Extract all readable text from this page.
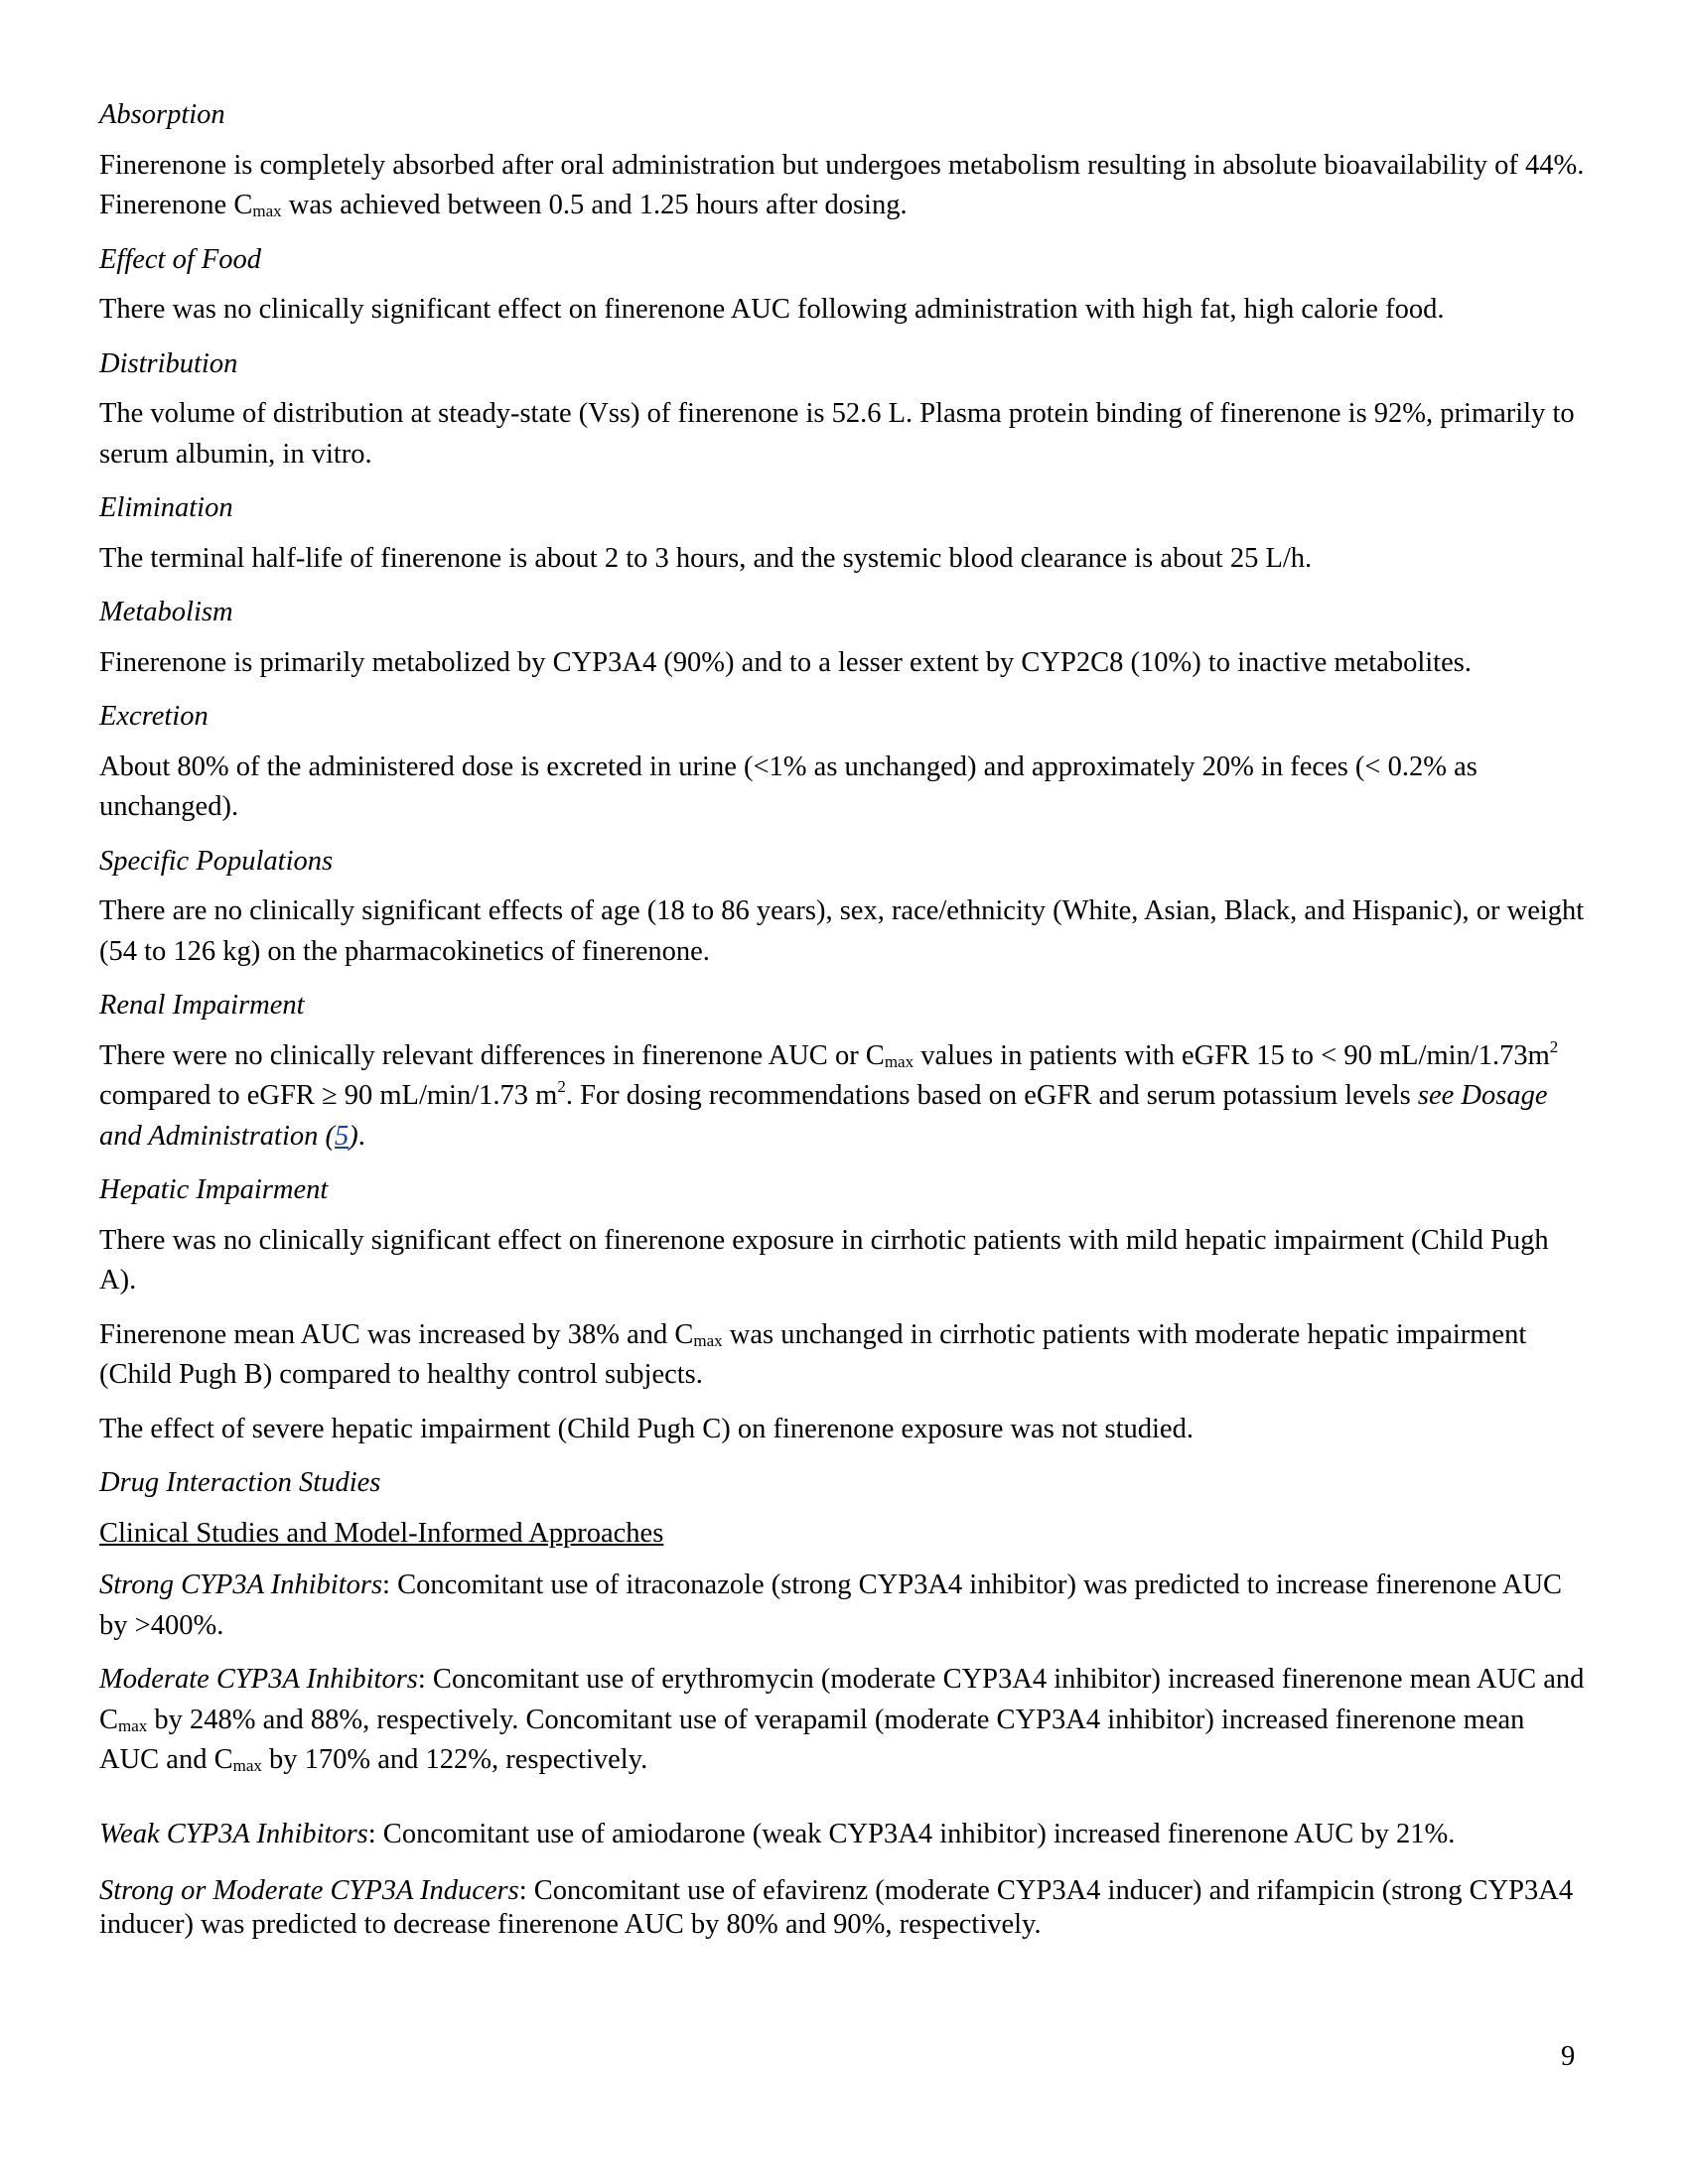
Absorption
Finerenone is completely absorbed after oral administration but undergoes metabolism resulting in absolute bioavailability of 44%. Finerenone $C_{max}$ was achieved between 0.5 and 1.25 hours after dosing.
Effect of Food
There was no clinically significant effect on finerenone AUC following administration with high fat, high calorie food.
Distribution
The volume of distribution at steady-state (Vss) of finerenone is 52.6 L. Plasma protein binding of finerenone is 92%, primarily to serum albumin, in vitro.
Elimination
The terminal half-life of finerenone is about 2 to 3 hours, and the systemic blood clearance is about 25 L/h.
Metabolism
Finerenone is primarily metabolized by CYP3A4 (90%) and to a lesser extent by CYP2C8 (10%) to inactive metabolites.
Excretion
About 80% of the administered dose is excreted in urine (<1% as unchanged) and approximately 20% in feces (< 0.2% as unchanged).
Specific Populations
There are no clinically significant effects of age (18 to 86 years), sex, race/ethnicity (White, Asian, Black, and Hispanic), or weight (54 to 126 kg) on the pharmacokinetics of finerenone.
Renal Impairment
There were no clinically relevant differences in finerenone AUC or $C_{max}$ values in patients with eGFR 15 to < 90 $mL/\min/1.73m^2$ compared to eGFR ≥ 90 mL/min/1.73 $m^2$. For dosing recommendations based on eGFR and serum potassium levels see Dosage and Administration (5).
Hepatic Impairment
There was no clinically significant effect on finerenone exposure in cirrhotic patients with mild hepatic impairment (Child Pugh A).
Finerenone mean AUC was increased by 38% and $C_{max}$ was unchanged in cirrhotic patients with moderate hepatic impairment (Child Pugh B) compared to healthy control subjects.
The effect of severe hepatic impairment (Child Pugh C) on finerenone exposure was not studied.
Drug Interaction Studies
Clinical Studies and Model-Informed Approaches
Strong CYP3A Inhibitors: Concomitant use of itraconazole (strong CYP3A4 inhibitor) was predicted to increase finerenone AUC by >400%.
Moderate CYP3A Inhibitors: Concomitant use of erythromycin (moderate CYP3A4 inhibitor) increased finerenone mean AUC and $C_{max}$ by 248% and 88%, respectively. Concomitant use of verapamil (moderate CYP3A4 inhibitor) increased finerenone mean AUC and $C_{max}$ by 170% and 122%, respectively.
Weak CYP3A Inhibitors: Concomitant use of amiodarone (weak CYP3A4 inhibitor) increased finerenone AUC by 21%.
Strong or Moderate CYP3A Inducers: Concomitant use of efavirenz (moderate CYP3A4 inducer) and rifampicin (strong CYP3A4 inducer) was predicted to decrease finerenone AUC by 80% and 90%, respectively.
9
